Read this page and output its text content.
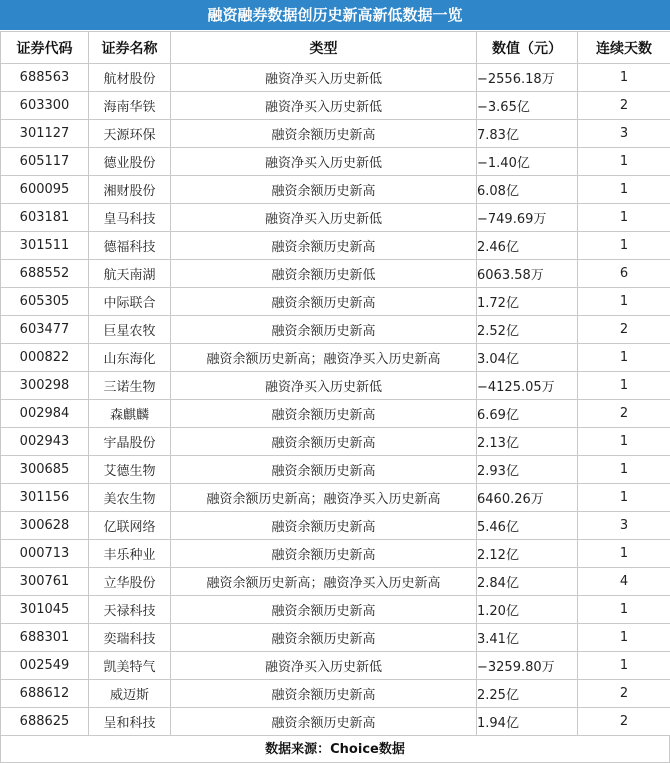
融资融券数据创历史新高新低数据一览
证券代码	证券名称	类型	数值（元）	连续天数
688563	航材股份	融资净买入历史新低	−2556.18万	1
603300	海南华铁	融资净买入历史新低	−3.65亿	2
301127	天源环保	融资余额历史新高	7.83亿	3
605117	德业股份	融资净买入历史新低	−1.40亿	1
600095	湘财股份	融资余额历史新高	6.08亿	1
603181	皇马科技	融资净买入历史新低	−749.69万	1
301511	德福科技	融资余额历史新高	2.46亿	1
688552	航天南湖	融资余额历史新低	6063.58万	6
605305	中际联合	融资余额历史新高	1.72亿	1
603477	巨星农牧	融资余额历史新高	2.52亿	2
000822	山东海化	融资余额历史新高；融资净买入历史新高	3.04亿	1
300298	三诺生物	融资净买入历史新低	−4125.05万	1
002984	森麒麟	融资余额历史新高	6.69亿	2
002943	宇晶股份	融资余额历史新高	2.13亿	1
300685	艾德生物	融资余额历史新高	2.93亿	1
301156	美农生物	融资余额历史新高；融资净买入历史新高	6460.26万	1
300628	亿联网络	融资余额历史新高	5.46亿	3
000713	丰乐种业	融资余额历史新高	2.12亿	1
300761	立华股份	融资余额历史新高；融资净买入历史新高	2.84亿	4
301045	天禄科技	融资余额历史新高	1.20亿	1
688301	奕瑞科技	融资余额历史新高	3.41亿	1
002549	凯美特气	融资净买入历史新低	−3259.80万	1
688612	威迈斯	融资余额历史新高	2.25亿	2
688625	呈和科技	融资余额历史新高	1.94亿	2
数据来源：Choice数据
